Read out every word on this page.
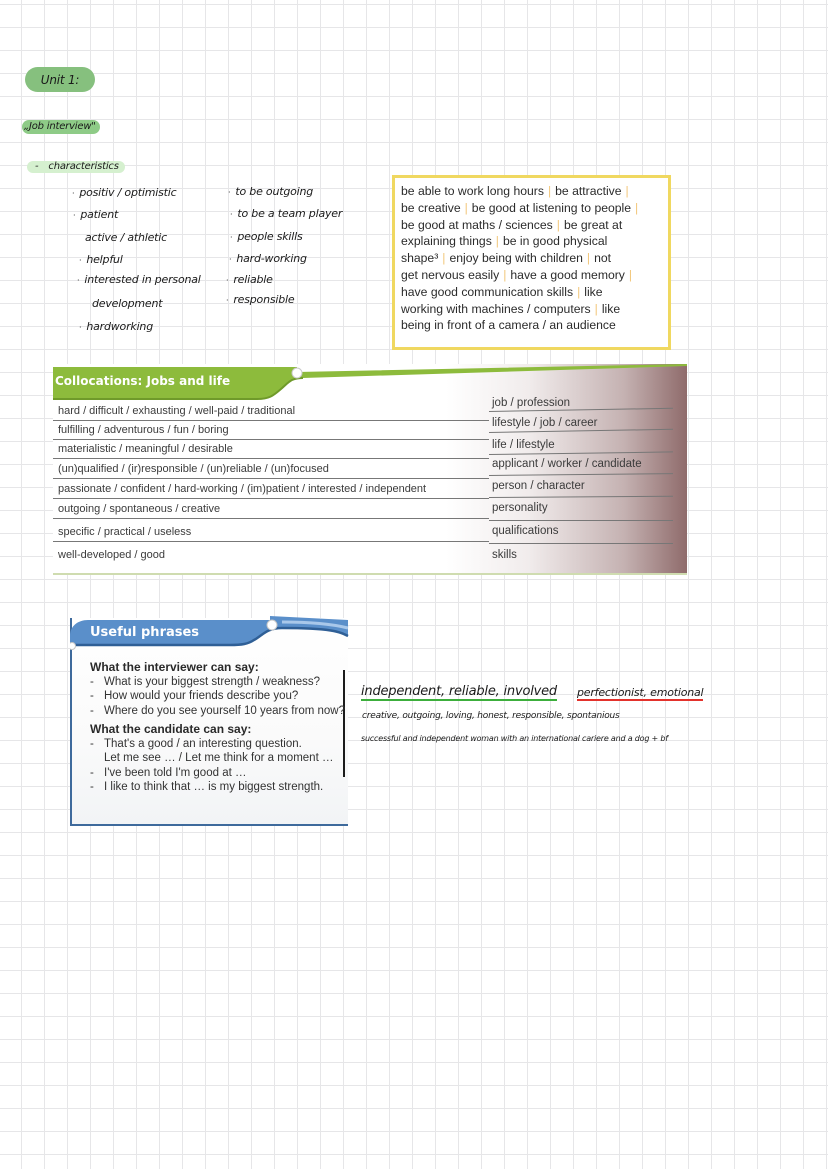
Unit 1:
„Job interview"
- characteristics
· positiv / optimistic
· patient
active / athletic
· helpful
· interested in personal
development
· hardworking
· to be outgoing
· to be a team player
· people skills
· hard-working
· reliable
· responsible
be able to work long hours | be attractive |
be creative | be good at listening to people |
be good at maths / sciences | be great at
explaining things | be in good physical
shape³ | enjoy being with children | not
get nervous easily | have a good memory |
have good communication skills | like
working with machines / computers | like
being in front of a camera / an audience
Collocations: Jobs and life
hard / difficult / exhausting / well-paid / traditional
fulfilling / adventurous / fun / boring
materialistic / meaningful / desirable
(un)qualified / (ir)responsible / (un)reliable / (un)focused
passionate / confident / hard-working / (im)patient / interested / independent
outgoing / spontaneous / creative
specific / practical / useless
well-developed / good
job / profession
lifestyle / job / career
life / lifestyle
applicant / worker / candidate
person / character
personality
qualifications
skills
Useful phrases
What the interviewer can say:
- What is your biggest strength / weakness?
- How would your friends describe you?
- Where do you see yourself 10 years from now?
What the candidate can say:
- That's a good / an interesting question.
Let me see … / Let me think for a moment …
- I've been told I'm good at …
- I like to think that … is my biggest strength.
independent, reliable, involved perfectionist, emotional
creative, outgoing, loving, honest, responsible, spontanious
successful and independent woman with an international cariere and a dog + bf
